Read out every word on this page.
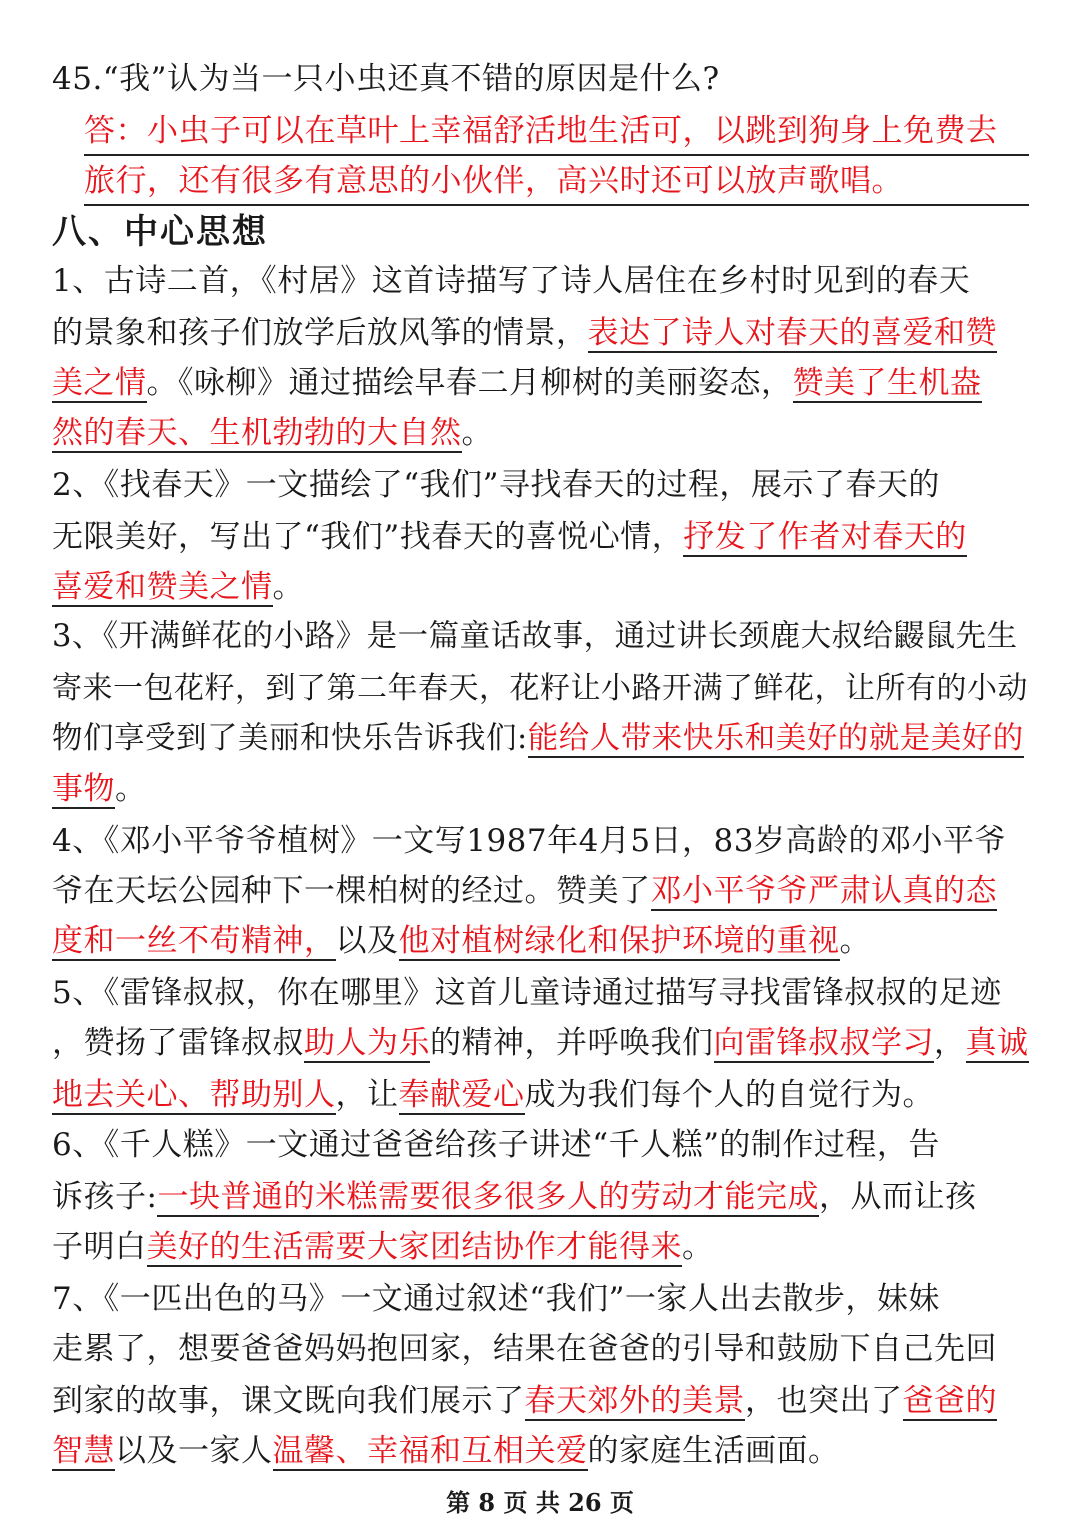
45.“我”认为当一只小虫还真不错的原因是什么?
答：小虫子可以在草叶上幸福舒活地生活可，以跳到狗身上免费去
旅行，还有很多有意思的小伙伴，高兴时还可以放声歌唱。
八、中心思想
1、古诗二首，《村居》这首诗描写了诗人居住在乡村时见到的春天
的景象和孩子们放学后放风筝的情景，表达了诗人对春天的喜爱和赞
美之情。《咏柳》通过描绘早春二月柳树的美丽姿态，赞美了生机盎
然的春天、生机勃勃的大自然。
2、《找春天》一文描绘了“我们”寻找春天的过程，展示了春天的
无限美好，写出了“我们”找春天的喜悦心情，抒发了作者对春天的
喜爱和赞美之情。
3、《开满鲜花的小路》是一篇童话故事，通过讲长颈鹿大叔给鼹鼠先生
寄来一包花籽，到了第二年春天，花籽让小路开满了鲜花，让所有的小动
物们享受到了美丽和快乐告诉我们:能给人带来快乐和美好的就是美好的
事物。
4、《邓小平爷爷植树》一文写1987年4月5日，83岁高龄的邓小平爷
爷在天坛公园种下一棵柏树的经过。赞美了邓小平爷爷严肃认真的态
度和一丝不苟精神，以及他对植树绿化和保护环境的重视。
5、《雷锋叔叔，你在哪里》这首儿童诗通过描写寻找雷锋叔叔的足迹
，赞扬了雷锋叔叔助人为乐的精神，并呼唤我们向雷锋叔叔学习，真诚
地去关心、帮助别人，让奉献爱心成为我们每个人的自觉行为。
6、《千人糕》一文通过爸爸给孩子讲述“千人糕”的制作过程，告
诉孩子:一块普通的米糕需要很多很多人的劳动才能完成，从而让孩
子明白美好的生活需要大家团结协作才能得来。
7、《一匹出色的马》一文通过叙述“我们”一家人出去散步，妹妹
走累了，想要爸爸妈妈抱回家，结果在爸爸的引导和鼓励下自己先回
到家的故事，课文既向我们展示了春天郊外的美景，也突出了爸爸的
智慧以及一家人温馨、幸福和互相关爱的家庭生活画面。
第 8 页 共 26 页
